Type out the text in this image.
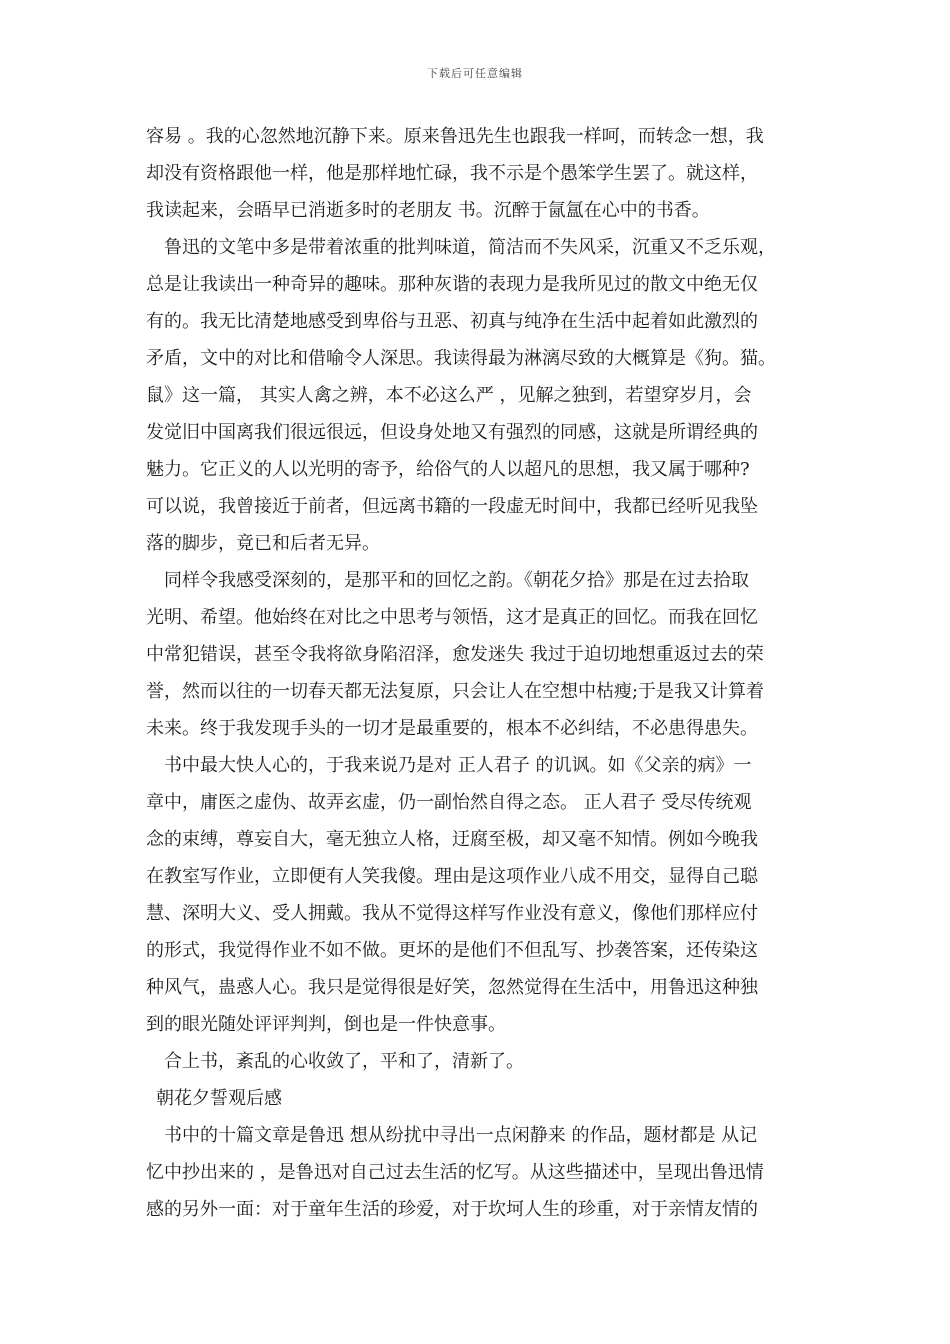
下载后可任意编辑
容易 。我的心忽然地沉静下来。原来鲁迅先生也跟我一样呵，而转念一想，我
却没有资格跟他一样，他是那样地忙碌，我不示是个愚笨学生罢了。就这样，
我读起来，会晤早已消逝多时的老朋友 书。沉醉于氤氲在心中的书香。
鲁迅的文笔中多是带着浓重的批判味道，简洁而不失风采，沉重又不乏乐观，
总是让我读出一种奇异的趣味。那种灰谐的表现力是我所见过的散文中绝无仅
有的。我无比清楚地感受到卑俗与丑恶、初真与纯净在生活中起着如此激烈的
矛盾，文中的对比和借喻令人深思。我读得最为淋漓尽致的大概算是《狗。猫。
鼠》这一篇， 其实人禽之辨，本不必这么严 ，见解之独到，若望穿岁月，会
发觉旧中国离我们很远很远，但设身处地又有强烈的同感，这就是所谓经典的
魅力。它正义的人以光明的寄予，给俗气的人以超凡的思想，我又属于哪种?
可以说，我曾接近于前者，但远离书籍的一段虚无时间中，我都已经听见我坠
落的脚步，竟已和后者无异。
同样令我感受深刻的，是那平和的回忆之韵。《朝花夕拾》那是在过去拾取
光明、希望。他始终在对比之中思考与领悟，这才是真正的回忆。而我在回忆
中常犯错误，甚至令我将欲身陷沼泽，愈发迷失 我过于迫切地想重返过去的荣
誉，然而以往的一切春天都无法复原，只会让人在空想中枯瘦;于是我又计算着
未来。终于我发现手头的一切才是最重要的，根本不必纠结，不必患得患失。
书中最大快人心的，于我来说乃是对 正人君子 的讥讽。如《父亲的病》一
章中，庸医之虚伪、故弄玄虚，仍一副怡然自得之态。 正人君子 受尽传统观
念的束缚，尊妄自大，毫无独立人格，迂腐至极，却又毫不知情。例如今晚我
在教室写作业，立即便有人笑我傻。理由是这项作业八成不用交，显得自己聪
慧、深明大义、受人拥戴。我从不觉得这样写作业没有意义，像他们那样应付
的形式，我觉得作业不如不做。更坏的是他们不但乱写、抄袭答案，还传染这
种风气，蛊惑人心。我只是觉得很是好笑，忽然觉得在生活中，用鲁迅这种独
到的眼光随处评评判判，倒也是一件快意事。
合上书，紊乱的心收敛了，平和了，清新了。
朝花夕誓观后感
书中的十篇文章是鲁迅 想从纷扰中寻出一点闲静来 的作品，题材都是 从记
忆中抄出来的 ，是鲁迅对自己过去生活的忆写。从这些描述中，呈现出鲁迅情
感的另外一面：对于童年生活的珍爱，对于坎坷人生的珍重，对于亲情友情的
